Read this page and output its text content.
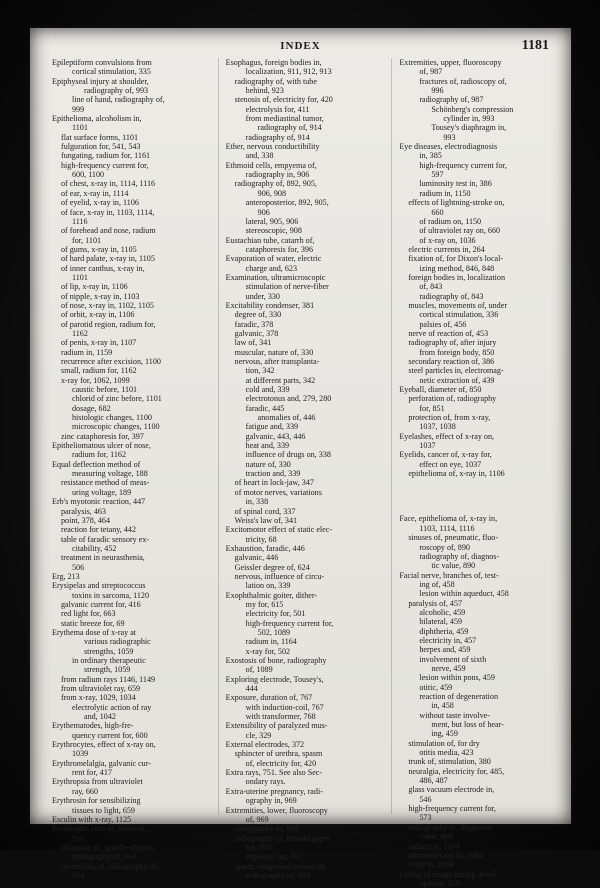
INDEX	1181
Epileptiform convulsions from
cortical stimulation, 335
Epiphyseal injury at shoulder,
radiography of, 993
line of hand, radiography of,
999
Epithelioma, alcoholism in,
1101
flat surface forms, 1101
fulguration for, 541, 543
fungating, radium for, 1161
high-frequency current for,
600, 1100
of chest, x-ray in, 1114, 1116
of ear, x-ray in, 1114
of eyelid, x-ray in, 1106
of face, x-ray in, 1103, 1114,
1116
of forehead and nose, radium
for, 1101
of gums, x-ray in, 1105
of hard palate, x-ray in, 1105
of inner canthus, x-ray in,
1101
of lip, x-ray in, 1106
of nipple, x-ray in, 1103
of nose, x-ray in, 1102, 1105
of orbit, x-ray in, 1106
of parotid region, radium for,
1162
of penis, x-ray in, 1107
radium in, 1159
recurrence after excision, 1100
small, radium for, 1162
x-ray for, 1062, 1099
caustic before, 1101
chlorid of zinc before, 1101
dosage, 682
histologic changes, 1100
microscopic changes, 1100
zinc cataphoresis for, 397
Epitheliomatous ulcer of nose,
radium for, 1162
Equal deflection method of
measuring voltage, 188
resistance method of meas-
uring voltage, 189
Erb's myotonic reaction, 447
paralysis, 463
point, 378, 464
reaction for tetany, 442
table of faradic sensory ex-
citability, 452
treatment in neurasthenia,
506
Erg, 213
Erysipelas and streptococcus
toxins in sarcoma, 1120
galvanic current for, 416
red light for, 663
static breeze for, 69
Erythema dose of x-ray at
various radiographic
strengths, 1059
in ordinary therapeutic
strength, 1059
from radium rays 1146, 1149
from ultraviolet ray, 659
from x-ray, 1029, 1034
electrolytic action of ray
and, 1042
Erythematodes, high-fre-
quency current for, 600
Erythrocytes, effect of x-ray on,
1039
Erythromelalgia, galvanic cur-
rent for, 417
Erythropsia from ultraviolet
ray, 660
Erythrosin for sensibilizing
tissues to light, 659
Esculin with x-ray, 1125
Esophagus, coin in, removal,
911
dilatation of, spindle-shaped,
radiography of, 914
diverticula of, radiography of,
914
Esophagus, foreign bodies in,
localization, 911, 912, 913
radiography of, with tube
behind, 923
stenosis of, electricity for, 420
electrolysis for, 411
from mediastinal tumor,
radiography of, 914
radiography of, 914
Ether, nervous conductibility
and, 338
Ethmoid cells, empyema of,
radiography in, 906
radiography of, 892, 905,
906, 908
anteroposterior, 892, 905,
906
lateral, 905, 906
stereoscopic, 908
Eustachian tube, catarrh of,
cataphoresis for, 396
Evaporation of water, electric
charge and, 623
Examination, ultramicroscopic
stimulation of nerve-fiber
under, 330
Excitability condenser, 381
degree of, 330
faradic, 378
galvanic, 378
law of, 341
muscular, nature of, 330
nervous, after transplanta-
tion, 342
at different parts, 342
cold and, 339
electrotonus and, 279, 280
faradic, 445
anomalies of, 446
fatigue and, 339
galvanic, 443, 446
heat and, 339
influence of drugs on, 338
nature of, 330
traction and, 339
of heart in lock-jaw, 347
of motor nerves, variations
in, 338
of spinal cord, 337
Weiss's law of, 341
Excitomotor effect of static elec-
tricity, 68
Exhaustion, faradic, 446
galvanic, 446
Geissler degree of, 624
nervous, influence of circu-
lation on, 339
Exophthalmic goiter, dither-
my for, 615
electricity for, 501
high-frequency current for,
502, 1089
radium in, 1164
x-ray for, 502
Exostosis of bone, radiography
of, 1089
Exploring electrode, Tousey's,
444
Exposure, duration of, 767
with induction-coil, 767
with transformer, 768
Extensibility of paralyzed mus-
cle, 329
External electrodes, 372
sphincter of urethra, spasm
of, electricity for, 420
Extra rays, 751. See also Sec-
ondary rays.
Extra-uterine pregnancy, radi-
ography in, 969
Extremities, lower, fluoroscopy
of, 969
radiography of, 969
radiography of, bromid paper
for, 765
exposure for, 767
upper, congenital lesions of,
radiography of, 993
Extremities, upper, fluoroscopy
of, 987
fractures of, radioscopy of,
996
radiography of, 987
Schönberg's compression
cylinder in, 993
Tousey's diaphragm in,
993
Eye diseases, electrodiagnosis
in, 385
high-frequency current for,
597
luminosity test in, 386
radium in, 1150
effects of lightning-stroke on,
660
of radium on, 1150
of ultraviolet ray on, 660
of x-ray on, 1036
electric currents in, 264
fixation of, for Dixon's local-
izing method, 846, 848
foreign bodies in, localization
of, 843
radiography of, 843
muscles, movements of, under
cortical stimulation, 336
palsies of, 456
nerve of reaction of, 453
radiography of, after injury
from foreign body, 850
secondary reaction of, 386
steel particles in, electromag-
netic extraction of, 439
Eyeball, diameter of, 850
perforation of, radiography
for, 851
protection of, from x-ray,
1037, 1038
Eyelashes, effect of x-ray on,
1037
Eyelids, cancer of, x-ray for,
effect on eye, 1037
epithelioma of, x-ray in, 1106
Face, epithelioma of, x-ray in,
1103, 1114, 1116
sinuses of, pneumatic, fluo-
roscopy of, 890
radiography of, diagnos-
tic value, 890
Facial nerve, branches of, test-
ing of, 458
lesion within aqueduct, 458
paralysis of, 457
alcoholic, 459
bilateral, 459
diphtheria, 459
electricity in, 457
herpes and, 459
involvement of sixth
nerve, 459
lesion within pons, 459
otitic, 459
reaction of degeneration
in, 458
without taste involve-
ment, but loss of hear-
ing, 459
stimulation of, for dry
otitis media, 423
trunk of, stimulation, 380
neuralgia, electricity for, 485,
486, 487
glass vacuum electrode in,
546
high-frequency current for,
573
radiography in, diagnostic
value, 888
radium in, 1164
ultraviolet ray in, 1084
x-ray in, 1084
Fading of image during devel-
opment, 829
